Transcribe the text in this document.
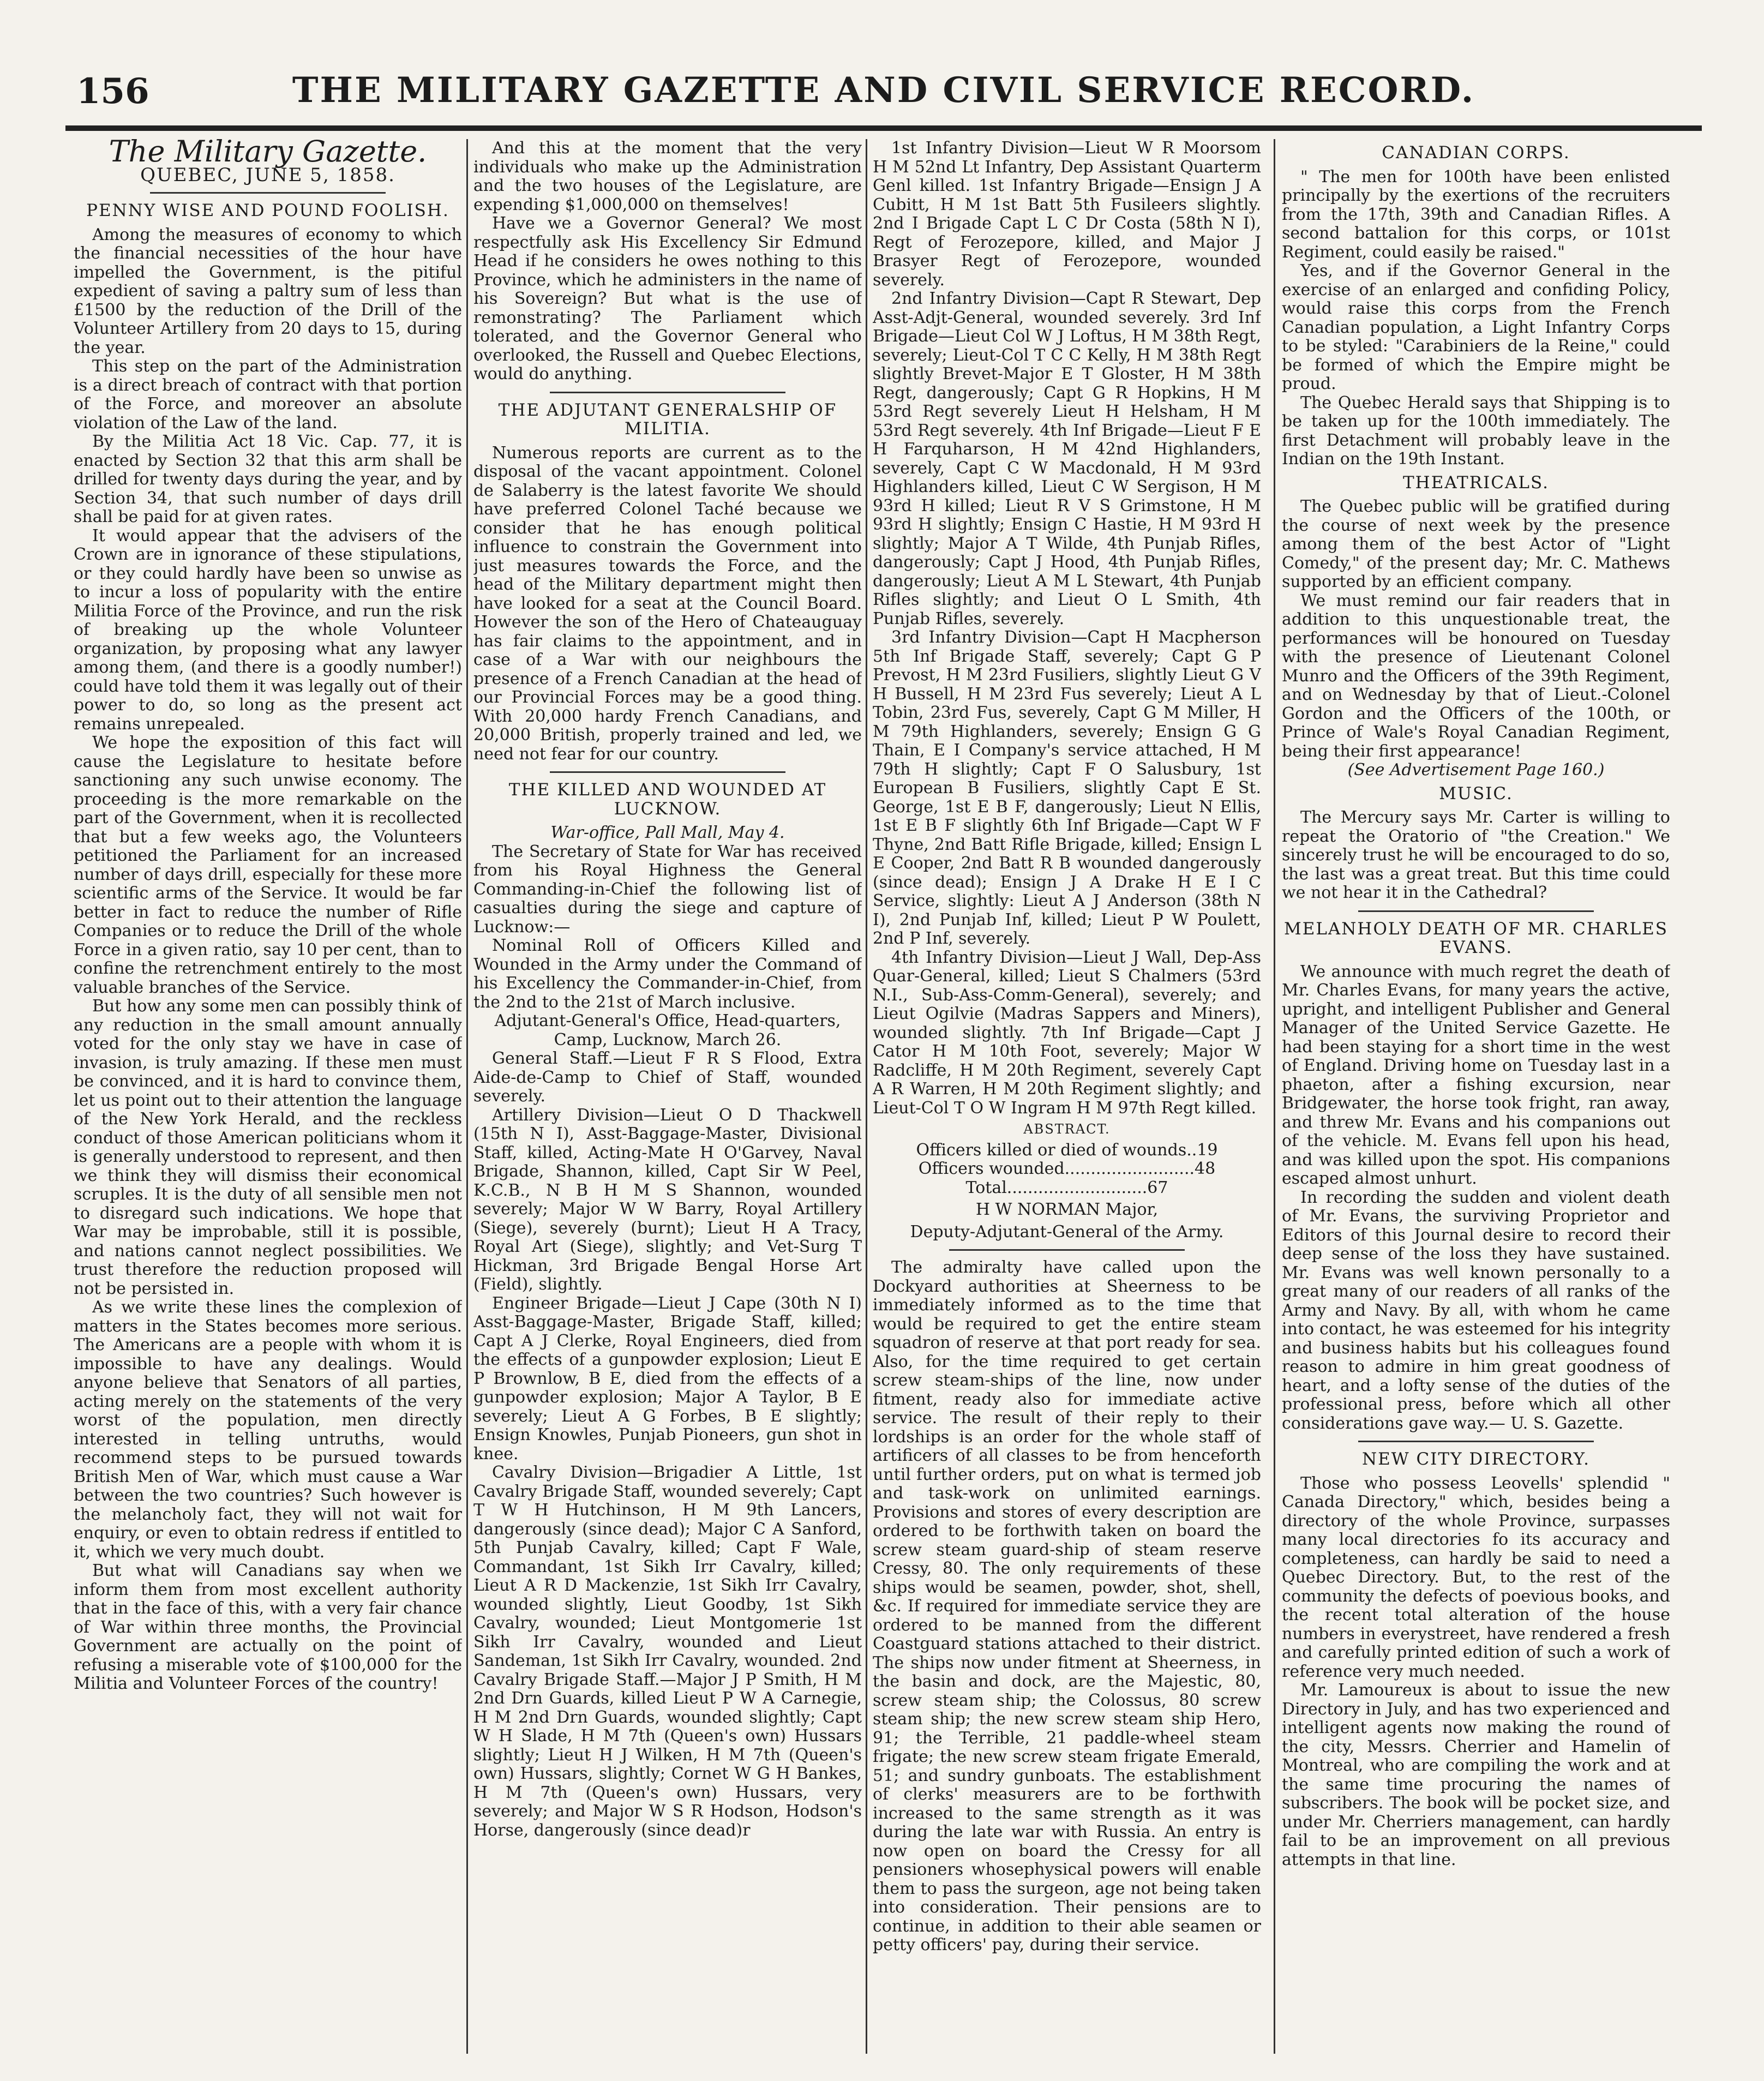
156	THE MILITARY GAZETTE AND CIVIL SERVICE RECORD.
The Military Gazette.
QUEBEC, JUNE 5, 1858.
PENNY WISE AND POUND FOOLISH.

Among the measures of economy to which the financial necessities of the hour have impelled the Government, is the pitiful expedient of saving a paltry sum of less than £1500 by the reduction of the Drill of the Volunteer Artillery from 20 days to 15, during the year.

This step on the part of the Administration is a direct breach of contract with that portion of the Force, and moreover an absolute violation of the Law of the land.

By the Militia Act 18 Vic. Cap. 77, it is enacted by Section 32 that this arm shall be drilled for twenty days during the year, and by Section 34, that such number of days drill shall be paid for at given rates.

It would appear that the advisers of the Crown are in ignorance of these stipulations, or they could hardly have been so unwise as to incur a loss of popularity with the entire Militia Force of the Province, and run the risk of breaking up the whole Volunteer organization, by proposing what any lawyer among them, (and there is a goodly number!) could have told them it was legally out of their power to do, so long as the present act remains unrepealed.

We hope the exposition of this fact will cause the Legislature to hesitate before sanctioning any such unwise economy. The proceeding is the more remarkable on the part of the Government, when it is recollected that but a few weeks ago, the Volunteers petitioned the Parliament for an increased number of days drill, especially for these more scientific arms of the Service. It would be far better in fact to reduce the number of Rifle Companies or to reduce the Drill of the whole Force in a given ratio, say 10 per cent, than to confine the retrenchment entirely to the most valuable branches of the Service.

But how any some men can possibly think of any reduction in the small amount annually voted for the only stay we have in case of invasion, is truly amazing. If these men must be convinced, and it is hard to convince them, let us point out to their attention the language of the New York Herald, and the reckless conduct of those American politicians whom it is generally understood to represent, and then we think they will dismiss their economical scruples. It is the duty of all sensible men not to disregard such indications. We hope that War may be improbable, still it is possible, and nations cannot neglect possibilities. We trust therefore the reduction proposed will not be persisted in.

As we write these lines the complexion of matters in the States becomes more serious. The Americans are a people with whom it is impossible to have any dealings. Would anyone believe that Senators of all parties, acting merely on the statements of the very worst of the population, men directly interested in telling untruths, would recommend steps to be pursued towards British Men of War, which must cause a War between the two countries? Such however is the melancholy fact, they will not wait for enquiry, or even to obtain redress if entitled to it, which we very much doubt.

But what will Canadians say when we inform them from most excellent authority that in the face of this, with a very fair chance of War within three months, the Provincial Government are actually on the point of refusing a miserable vote of $100,000 for the Militia and Volunteer Forces of the country!

And this at the moment that the very individuals who make up the Administration and the two houses of the Legislature, are expending $1,000,000 on themselves!

Have we a Governor General? We most respectfully ask His Excellency Sir Edmund Head if he considers he owes nothing to this Province, which he administers in the name of his Sovereign? But what is the use of remonstrating? The Parliament which tolerated, and the Governor General who overlooked, the Russell and Quebec Elections, would do anything.

THE ADJUTANT GENERALSHIP OF MILITIA.

Numerous reports are current as to the disposal of the vacant appointment. Colonel de Salaberry is the latest favorite We should have preferred Colonel Taché because we consider that he has enough political influence to constrain the Government into just measures towards the Force, and the head of the Military department might then have looked for a seat at the Council Board. However the son of the Hero of Chateauguay has fair claims to the appointment, and in case of a War with our neighbours the presence of a French Canadian at the head of our Provincial Forces may be a good thing. With 20,000 hardy French Canadians, and 20,000 British, properly trained and led, we need not fear for our country.

THE KILLED AND WOUNDED AT LUCKNOW.

War-office, Pall Mall, May 4.

The Secretary of State for War has received from his Royal Highness the General Commanding-in-Chief the following list of casualties during the siege and capture of Lucknow:—

Nominal Roll of Officers Killed and Wounded in the Army under the Command of his Excellency the Commander-in-Chief, from the 2nd to the 21st of March inclusive.

Adjutant-General's Office, Head-quarters, Camp, Lucknow, March 26.

General Staff.—Lieut F R S Flood, Extra Aide-de-Camp to Chief of Staff, wounded severely.

Artillery Division—Lieut O D Thackwell (15th N I), Asst-Baggage-Master, Divisional Staff, killed, Acting-Mate H O'Garvey, Naval Brigade, Shannon, killed, Capt Sir W Peel, K.C.B., N B H M S Shannon, wounded severely; Major W W Barry, Royal Artillery (Siege), severely (burnt); Lieut H A Tracy, Royal Art (Siege), slightly; and Vet-Surg T Hickman, 3rd Brigade Bengal Horse Art (Field), slightly.

Engineer Brigade—Lieut J Cape (30th N I) Asst-Baggage-Master, Brigade Staff, killed; Capt A J Clerke, Royal Engineers, died from the effects of a gunpowder explosion; Lieut E P Brownlow, B E, died from the effects of a gunpowder explosion; Major A Taylor, B E severely; Lieut A G Forbes, B E slightly; Ensign Knowles, Punjab Pioneers, gun shot in knee.

Cavalry Division—Brigadier A Little, 1st Cavalry Brigade Staff, wounded severely; Capt T W H Hutchinson, H M 9th Lancers, dangerously (since dead); Major C A Sanford, 5th Punjab Cavalry, killed; Capt F Wale, Commandant, 1st Sikh Irr Cavalry, killed; Lieut A R D Mackenzie, 1st Sikh Irr Cavalry, wounded slightly, Lieut Goodby, 1st Sikh Cavalry, wounded; Lieut Montgomerie 1st Sikh Irr Cavalry, wounded and Lieut Sandeman, 1st Sikh Irr Cavalry, wounded. 2nd Cavalry Brigade Staff.—Major J P Smith, H M 2nd Drn Guards, killed Lieut P W A Carnegie, H M 2nd Drn Guards, wounded slightly; Capt W H Slade, H M 7th (Queen's own) Hussars slightly; Lieut H J Wilken, H M 7th (Queen's own) Hussars, slightly; Cornet W G H Bankes, H M 7th (Queen's own) Hussars, very severely; and Major W S R Hodson, Hodson's Horse, dangerously (since dead)r

1st Infantry Division—Lieut W R Moorsom H M 52nd Lt Infantry, Dep Assistant Quarterm Genl killed. 1st Infantry Brigade—Ensign J A Cubitt, H M 1st Batt 5th Fusileers slightly. 2nd I Brigade Capt L C Dr Costa (58th N I), Regt of Ferozepore, killed, and Major J Brasyer Regt of Ferozepore, wounded severely.

2nd Infantry Division—Capt R Stewart, Dep Asst-Adjt-General, wounded severely. 3rd Inf Brigade—Lieut Col W J Loftus, H M 38th Regt, severely; Lieut-Col T C C Kelly, H M 38th Regt slightly Brevet-Major E T Gloster, H M 38th Regt, dangerously; Capt G R Hopkins, H M 53rd Regt severely Lieut H Helsham, H M 53rd Regt severely. 4th Inf Brigade—Lieut F E H Farquharson, H M 42nd Highlanders, severely, Capt C W Macdonald, H M 93rd Highlanders killed, Lieut C W Sergison, H M 93rd H killed; Lieut R V S Grimstone, H M 93rd H slightly; Ensign C Hastie, H M 93rd H slightly; Major A T Wilde, 4th Punjab Rifles, dangerously; Capt J Hood, 4th Punjab Rifles, dangerously; Lieut A M L Stewart, 4th Punjab Rifles slightly; and Lieut O L Smith, 4th Punjab Rifles, severely.

3rd Infantry Division—Capt H Macpherson 5th Inf Brigade Staff, severely; Capt G P Prevost, H M 23rd Fusiliers, slightly Lieut G V H Bussell, H M 23rd Fus severely; Lieut A L Tobin, 23rd Fus, severely, Capt G M Miller, H M 79th Highlanders, severely; Ensign G G Thain, E I Company's service attached, H M 79th H slightly; Capt F O Salusbury, 1st European B Fusiliers, slightly Capt E St. George, 1st E B F, dangerously; Lieut N Ellis, 1st E B F slightly 6th Inf Brigade—Capt W F Thyne, 2nd Batt Rifle Brigade, killed; Ensign L E Cooper, 2nd Batt R B wounded dangerously (since dead); Ensign J A Drake H E I C Service, slightly: Lieut A J Anderson (38th N I), 2nd Punjab Inf, killed; Lieut P W Poulett, 2nd P Inf, severely.

4th Infantry Division—Lieut J Wall, Dep-Ass Quar-General, killed; Lieut S Chalmers (53rd N.I., Sub-Ass-Comm-General), severely; and Lieut Ogilvie (Madras Sappers and Miners), wounded slightly. 7th Inf Brigade—Capt J Cator H M 10th Foot, severely; Major W Radcliffe, H M 20th Regiment, severely Capt A R Warren, H M 20th Regiment slightly; and Lieut-Col T O W Ingram H M 97th Regt killed.

ABSTRACT.

Officers killed or died of wounds..19

Officers wounded.........................48

Total...........................67

H W NORMAN Major,
Deputy-Adjutant-General of the Army.

The admiralty have called upon the Dockyard authorities at Sheerness to be immediately informed as to the time that would be required to get the entire steam squadron of reserve at that port ready for sea. Also, for the time required to get certain screw steam-ships of the line, now under fitment, ready also for immediate active service. The result of their reply to their lordships is an order for the whole staff of artificers of all classes to be from henceforth until further orders, put on what is termed job and task-work on unlimited earnings. Provisions and stores of every description are ordered to be forthwith taken on board the screw steam guard-ship of steam reserve Cressy, 80. The only requirements of these ships would be seamen, powder, shot, shell, &c. If required for immediate service they are ordered to be manned from the different Coastguard stations attached to their district. The ships now under fitment at Sheerness, in the basin and dock, are the Majestic, 80, screw steam ship; the Colossus, 80 screw steam ship; the new screw steam ship Hero, 91; the Terrible, 21 paddle-wheel steam frigate; the new screw steam frigate Emerald, 51; and sundry gunboats. The establishment of clerks' measurers are to be forthwith increased to the same strength as it was during the late war with Russia. An entry is now open on board the Cressy for all pensioners whosephysical powers will enable them to pass the surgeon, age not being taken into consideration. Their pensions are to continue, in addition to their able seamen or petty officers' pay, during their service.

CANADIAN CORPS.

" The men for 100th have been enlisted principally by the exertions of the recruiters from the 17th, 39th and Canadian Rifles. A second battalion for this corps, or 101st Regiment, could easily be raised."

Yes, and if the Governor General in the exercise of an enlarged and confiding Policy, would raise this corps from the French Canadian population, a Light Infantry Corps to be styled: "Carabiniers de la Reine," could be formed of which the Empire might be proud.

The Quebec Herald says that Shipping is to be taken up for the 100th immediately. The first Detachment will probably leave in the Indian on the 19th Instant.

THEATRICALS.

The Quebec public will be gratified during the course of next week by the presence among them of the best Actor of "Light Comedy," of the present day; Mr. C. Mathews supported by an efficient company.

We must remind our fair readers that in addition to this unquestionable treat, the performances will be honoured on Tuesday with the presence of Lieutenant Colonel Munro and the Officers of the 39th Regiment, and on Wednesday by that of Lieut.-Colonel Gordon and the Officers of the 100th, or Prince of Wale's Royal Canadian Regiment, being their first appearance!

(See Advertisement Page 160.)

MUSIC.

The Mercury says Mr. Carter is willing to repeat the Oratorio of "the Creation." We sincerely trust he will be encouraged to do so, the last was a great treat. But this time could we not hear it in the Cathedral?

MELANHOLY DEATH OF MR. CHARLES EVANS.

We announce with much regret the death of Mr. Charles Evans, for many years the active, upright, and intelligent Publisher and General Manager of the United Service Gazette. He had been staying for a short time in the west of England. Driving home on Tuesday last in a phaeton, after a fishing excursion, near Bridgewater, the horse took fright, ran away, and threw Mr. Evans and his companions out of the vehicle. M. Evans fell upon his head, and was killed upon the spot. His companions escaped almost unhurt.

In recording the sudden and violent death of Mr. Evans, the surviving Proprietor and Editors of this Journal desire to record their deep sense of the loss they have sustained. Mr. Evans was well known personally to a great many of our readers of all ranks of the Army and Navy. By all, with whom he came into contact, he was esteemed for his integrity and business habits but his colleagues found reason to admire in him great goodness of heart, and a lofty sense of the duties of the professional press, before which all other considerations gave way.— U. S. Gazette.

NEW CITY DIRECTORY.

Those who possess Leovells' splendid " Canada Directory," which, besides being a directory of the whole Province, surpasses many local directories fo its accuracy and completeness, can hardly be said to need a Quebec Directory. But, to the rest of the community the defects of poevious books, and the recent total alteration of the house numbers in everystreet, have rendered a fresh and carefully printed edition of such a work of reference very much needed.

Mr. Lamoureux is about to issue the new Directory in July, and has two experienced and intelligent agents now making the round of the city, Messrs. Cherrier and Hamelin of Montreal, who are compiling the work and at the same time procuring the names of subscribers. The book will be pocket size, and under Mr. Cherriers management, can hardly fail to be an improvement on all previous attempts in that line.
